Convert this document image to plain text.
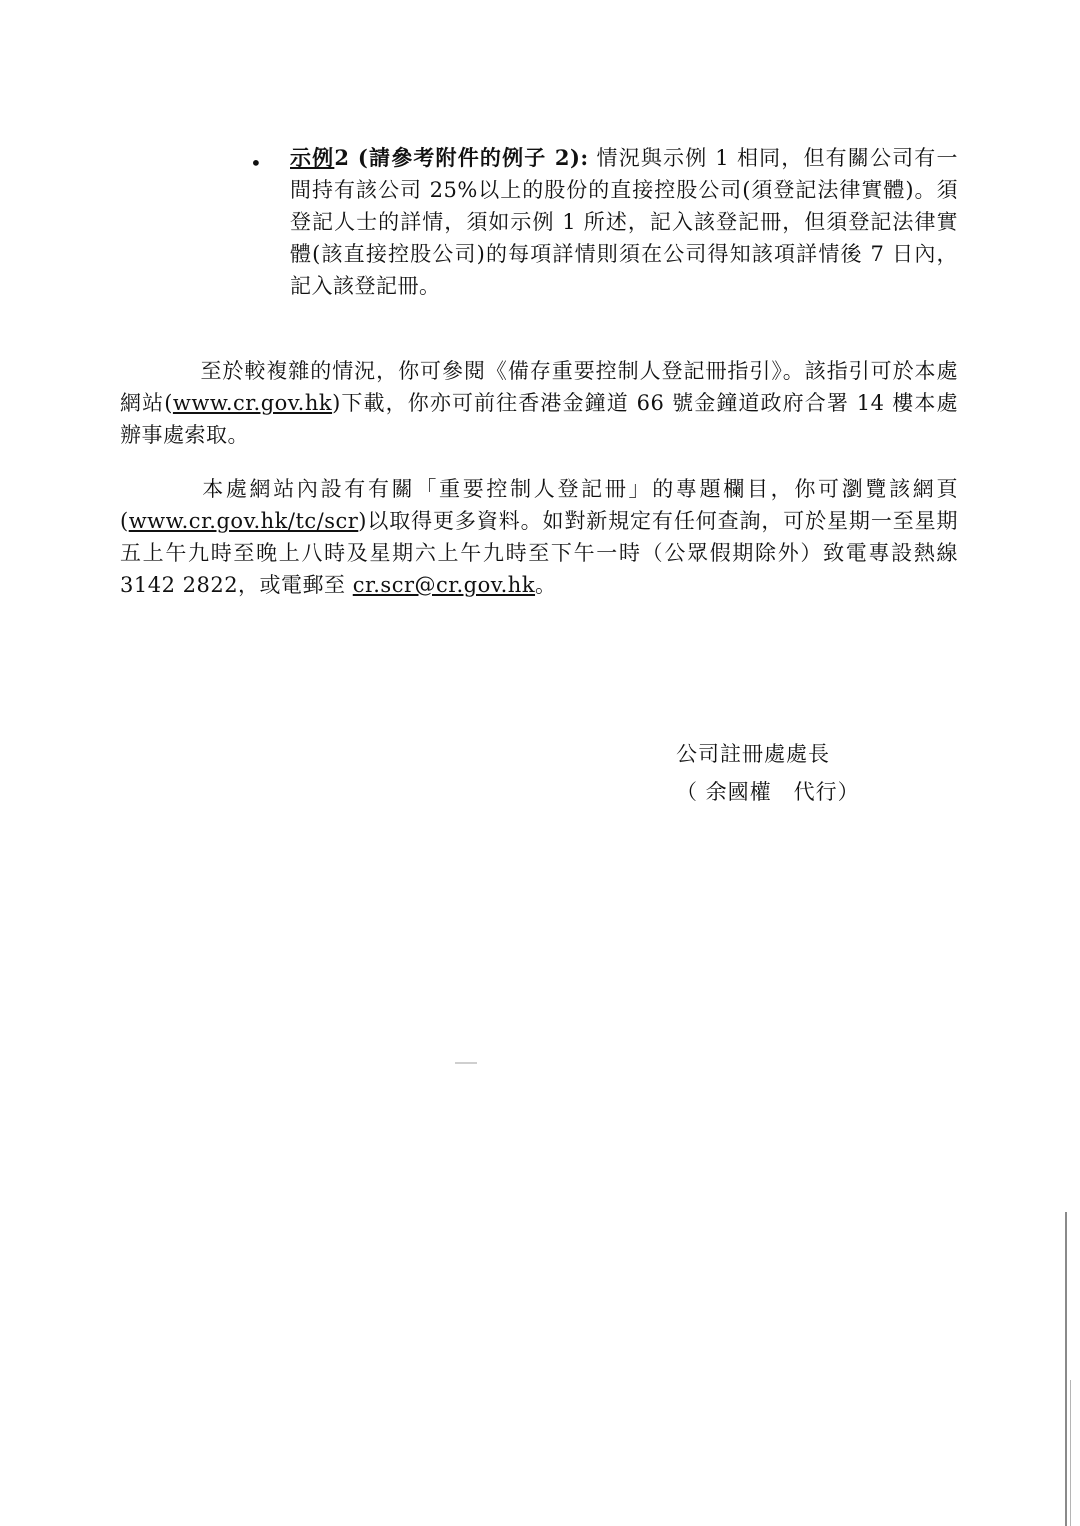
• 示例2 (請參考附件的例子 2): 情況與示例 1 相同，但有關公司有一間持有該公司 25%以上的股份的直接控股公司(須登記法律實體)。須登記人士的詳情，須如示例 1 所述，記入該登記冊，但須登記法律實體(該直接控股公司)的每項詳情則須在公司得知該項詳情後 7 日內，記入該登記冊。
至於較複雜的情況，你可參閱《備存重要控制人登記冊指引》。該指引可於本處網站(www.cr.gov.hk)下載，你亦可前往香港金鐘道 66 號金鐘道政府合署 14 樓本處辦事處索取。
本處網站內設有有關「重要控制人登記冊」的專題欄目，你可瀏覽該網頁(www.cr.gov.hk/tc/scr)以取得更多資料。如對新規定有任何查詢，可於星期一至星期五上午九時至晚上八時及星期六上午九時至下午一時（公眾假期除外）致電專設熱線 3142 2822，或電郵至 cr.scr@cr.gov.hk。
公司註冊處處長
（ 余國權　代行）
